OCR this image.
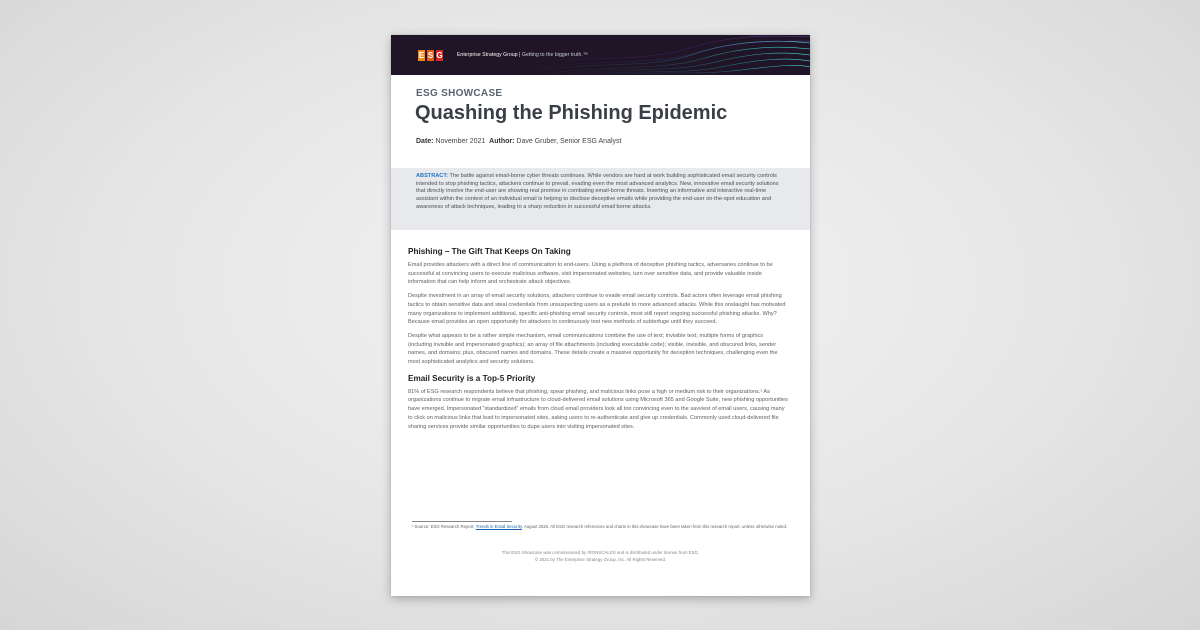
E S G	Enterprise Strategy Group | Getting to the bigger truth.™
ESG SHOWCASE
Quashing the Phishing Epidemic
Date: November 2021 Author: Dave Gruber, Senior ESG Analyst

ABSTRACT: The battle against email-borne cyber threats continues. While vendors are hard at work building sophisticated email security controls intended to stop phishing tactics, attackers continue to prevail, evading even the most advanced analytics. New, innovative email security solutions that directly involve the end-user are showing real promise in combating email-borne threats. Inserting an informative and interactive real-time assistant within the context of an individual email is helping to disclose deceptive emails while providing the end-user on-the-spot education and awareness of attack techniques, leading to a sharp reduction in successful email borne attacks.

Phishing – The Gift That Keeps On Taking

Email provides attackers with a direct line of communication to end-users. Using a plethora of deceptive phishing tactics, adversaries continue to be successful at convincing users to execute malicious software, visit impersonated websites, turn over sensitive data, and provide valuable inside information that can help inform and orchestrate attack objectives.

Despite investment in an array of email security solutions, attackers continue to evade email security controls. Bad actors often leverage email phishing tactics to obtain sensitive data and steal credentials from unsuspecting users as a prelude to more advanced attacks. While this onslaught has motivated many organizations to implement additional, specific anti-phishing email security controls, most still report ongoing successful phishing attacks. Why? Because email provides an open opportunity for attackers to continuously test new methods of subterfuge until they succeed.

Despite what appears to be a rather simple mechanism, email communications combine the use of text; invisible text; multiple forms of graphics (including invisible and impersonated graphics); an array of file attachments (including executable code); visible, invisible, and obscured links, sender names, and domains; plus, obscured names and domains. These details create a massive opportunity for deception techniques, challenging even the most sophisticated analytics and security solutions.

Email Security is a Top-5 Priority

81% of ESG research respondents believe that phishing, spear phishing, and malicious links pose a high or medium risk to their organizations.¹ As organizations continue to migrate email infrastructure to cloud-delivered email solutions using Microsoft 365 and Google Suite, new phishing opportunities have emerged. Impersonated “standardized” emails from cloud email providers look all too convincing even to the savviest of email users, causing many to click on malicious links that lead to impersonated sites, asking users to re-authenticate and give up credentials. Commonly used cloud-delivered file sharing services provide similar opportunities to dupe users into visiting impersonated sites.

¹ Source: ESG Research Report, Trends in Email Security, August 2020. All ESG research references and charts in this showcase have been taken from this research report, unless otherwise noted.
This ESG Showcase was commissioned by IRONSCALES and is distributed under license from ESG.
© 2021 by The Enterprise Strategy Group, Inc. All Rights Reserved.
